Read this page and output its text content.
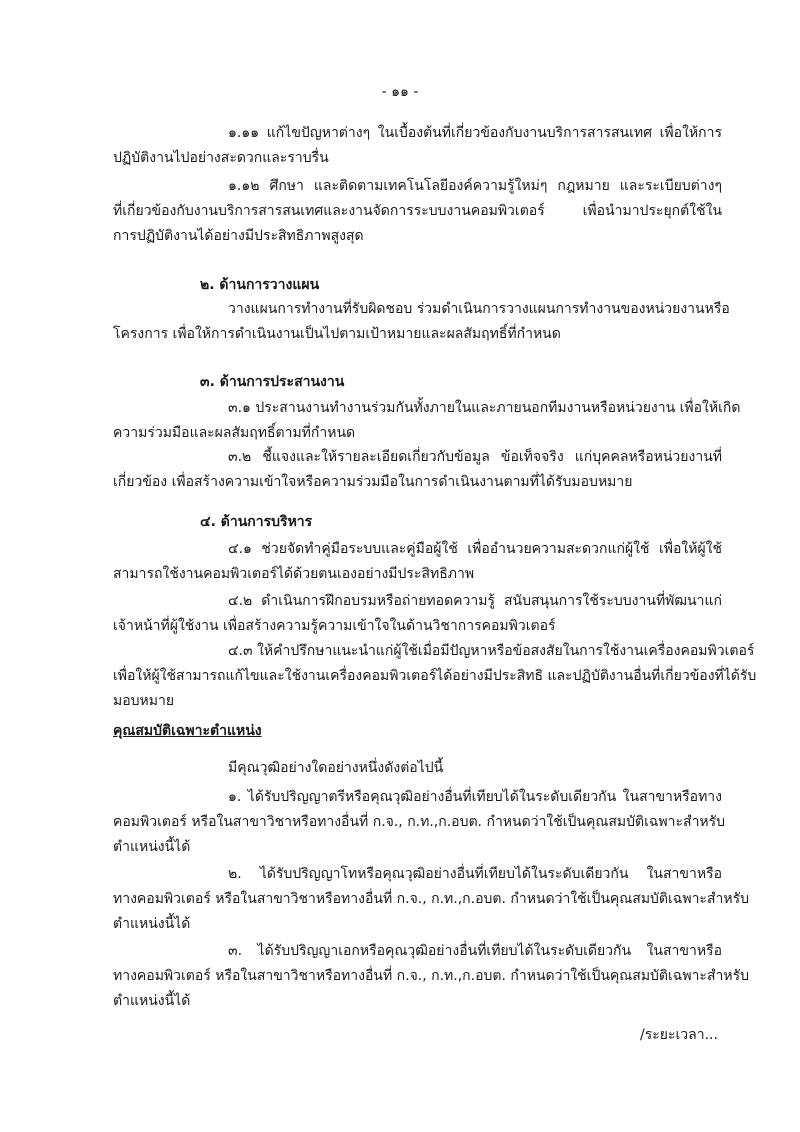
- ๑๑ -
๑.๑๑ แก้ไขปัญหาต่างๆ ในเบื้องต้นที่เกี่ยวข้องกับงานบริการสารสนเทศ เพื่อให้การ
ปฏิบัติงานไปอย่างสะดวกและราบรื่น
๑.๑๒ ศึกษา และติดตามเทคโนโลยีองค์ความรู้ใหม่ๆ กฎหมาย และระเบียบต่างๆ
ที่เกี่ยวข้องกับงานบริการสารสนเทศและงานจัดการระบบงานคอมพิวเตอร์ เพื่อนำมาประยุกต์ใช้ใน
การปฏิบัติงานได้อย่างมีประสิทธิภาพสูงสุด
๒. ด้านการวางแผน
วางแผนการทำงานที่รับผิดชอบ ร่วมดำเนินการวางแผนการทำงานของหน่วยงานหรือ
โครงการ เพื่อให้การดำเนินงานเป็นไปตามเป้าหมายและผลสัมฤทธิ์ที่กำหนด
๓. ด้านการประสานงาน
๓.๑ ประสานงานทำงานร่วมกันทั้งภายในและภายนอกทีมงานหรือหน่วยงาน เพื่อให้เกิด
ความร่วมมือและผลสัมฤทธิ์ตามที่กำหนด
๓.๒ ชี้แจงและให้รายละเอียดเกี่ยวกับข้อมูล ข้อเท็จจริง แก่บุคคลหรือหน่วยงานที่
เกี่ยวข้อง เพื่อสร้างความเข้าใจหรือความร่วมมือในการดำเนินงานตามที่ได้รับมอบหมาย
๔. ด้านการบริหาร
๔.๑ ช่วยจัดทำคู่มือระบบและคู่มือผู้ใช้ เพื่ออำนวยความสะดวกแก่ผู้ใช้ เพื่อให้ผู้ใช้
สามารถใช้งานคอมพิวเตอร์ได้ด้วยตนเองอย่างมีประสิทธิภาพ
๔.๒ ดำเนินการฝึกอบรมหรือถ่ายทอดความรู้ สนับสนุนการใช้ระบบงานที่พัฒนาแก่
เจ้าหน้าที่ผู้ใช้งาน เพื่อสร้างความรู้ความเข้าใจในด้านวิชาการคอมพิวเตอร์
๔.๓ ให้คำปรึกษาแนะนำแก่ผู้ใช้เมื่อมีปัญหาหรือข้อสงสัยในการใช้งานเครื่องคอมพิวเตอร์
เพื่อให้ผู้ใช้สามารถแก้ไขและใช้งานเครื่องคอมพิวเตอร์ได้อย่างมีประสิทธิ และปฏิบัติงานอื่นที่เกี่ยวข้องที่ได้รับ
มอบหมาย
คุณสมบัติเฉพาะตำแหน่ง
มีคุณวุฒิอย่างใดอย่างหนึ่งดังต่อไปนี้
๑. ได้รับปริญญาตรีหรือคุณวุฒิอย่างอื่นที่เทียบได้ในระดับเดียวกัน ในสาขาหรือทาง
คอมพิวเตอร์ หรือในสาขาวิชาหรือทางอื่นที่ ก.จ., ก.ท.,ก.อบต. กำหนดว่าใช้เป็นคุณสมบัติเฉพาะสำหรับ
ตำแหน่งนี้ได้
๒. ได้รับปริญญาโทหรือคุณวุฒิอย่างอื่นที่เทียบได้ในระดับเดียวกัน ในสาขาหรือ
ทางคอมพิวเตอร์ หรือในสาขาวิชาหรือทางอื่นที่ ก.จ., ก.ท.,ก.อบต. กำหนดว่าใช้เป็นคุณสมบัติเฉพาะสำหรับ
ตำแหน่งนี้ได้
๓. ได้รับปริญญาเอกหรือคุณวุฒิอย่างอื่นที่เทียบได้ในระดับเดียวกัน ในสาขาหรือ
ทางคอมพิวเตอร์ หรือในสาขาวิชาหรือทางอื่นที่ ก.จ., ก.ท.,ก.อบต. กำหนดว่าใช้เป็นคุณสมบัติเฉพาะสำหรับ
ตำแหน่งนี้ได้
/ระยะเวลา...
